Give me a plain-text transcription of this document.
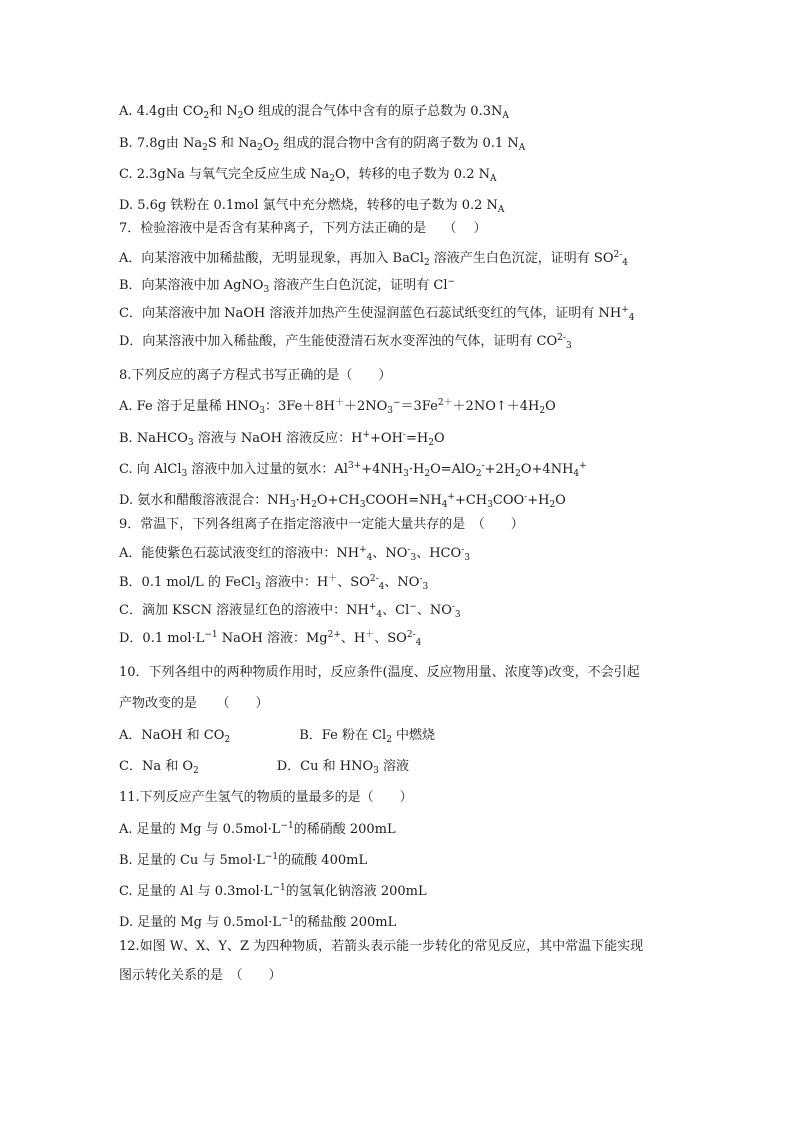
A. 4.4g由 $CO_2$和 $N_2O$ 组成的混合气体中含有的原子总数为 $0.3N_A$
B. 7.8g由 $Na_2S$ 和 $Na_2O_2$ 组成的混合物中含有的阴离子数为 0.1 $N_A$
C. 2.3gNa 与氧气完全反应生成 $Na_2O$，转移的电子数为 0.2 $N_A$
D. 5.6g 铁粉在 0.1mol 氯气中充分燃烧，转移的电子数为 0.2 $N_A$
7．检验溶液中是否含有某种离子，下列方法正确的是　 （　 ）
A．向某溶液中加稀盐酸，无明显现象，再加入 BaCl$_2$ 溶液产生白色沉淀，证明有 $SO^{2-}_4$
B．向某溶液中加 AgNO$_3$ 溶液产生白色沉淀，证明有 Cl−
C．向某溶液中加 NaOH 溶液并加热产生使湿润蓝色石蕊试纸变红的气体，证明有 $NH^+_4$
D．向某溶液中加入稀盐酸，产生能使澄清石灰水变浑浊的气体，证明有 $CO^{2-}_3$
8.下列反应的离子方程式书写正确的是（　　）
A. Fe 溶于足量稀 $HNO_3$：$3Fe+8H^++2NO_3^-=3Fe^{2+}+2NO↑+4H_2O$
B. NaHCO$_3$ 溶液与 NaOH 溶液反应：$H^++OH^-=H_2O$
C. 向 AlCl$_3$ 溶液中加入过量的氨水：$Al^{3+}+4NH_3\cdot H_2O=AlO_2^-+2H_2O+4NH_4^+$
D. 氨水和醋酸溶液混合：$NH_3\cdot H_2O+CH_3COOH=NH_4^++CH_3COO^-+H_2O$
9．常温下，下列各组离子在指定溶液中一定能大量共存的是　（　　）
A．能使紫色石蕊试液变红的溶液中：$NH^+_4$、$NO^-_3$、$HCO^-_3$
B．0.1 mol/L 的 FeCl$_3$ 溶液中：H＋、$SO^{2-}_4$、$NO^-_3$
C．滴加 KSCN 溶液显红色的溶液中：$NH^+_4$、Cl−、$NO^-_3$
D．0.1 $mol\cdot L^{-1}$ NaOH 溶液：$Mg^{2+}$、H＋、$SO^{2-}_4$
10．下列各组中的两种物质作用时，反应条件(温度、反应物用量、浓度等)改变，不会引起
产物改变的是　　（　　）
A．NaOH 和 $CO_2$　　　　　 B．Fe 粉在 $Cl_2$ 中燃烧
C．Na 和 $O_2$　　　　　　D．Cu 和 $HNO_3$ 溶液
11.下列反应产生氢气的物质的量最多的是（　　）
A. 足量的 Mg 与 $0.5mol\cdot L^{-1}$的稀硝酸 200mL
B. 足量的 Cu 与 $5mol\cdot L^{-1}$的硫酸 400mL
C. 足量的 Al 与 $0.3mol\cdot L^{-1}$的氢氧化钠溶液 200mL
D. 足量的 Mg 与 $0.5mol\cdot L^{-1}$的稀盐酸 200mL
12.如图 W、X、Y、Z 为四种物质，若箭头表示能一步转化的常见反应，其中常温下能实现
图示转化关系的是　（　　）
